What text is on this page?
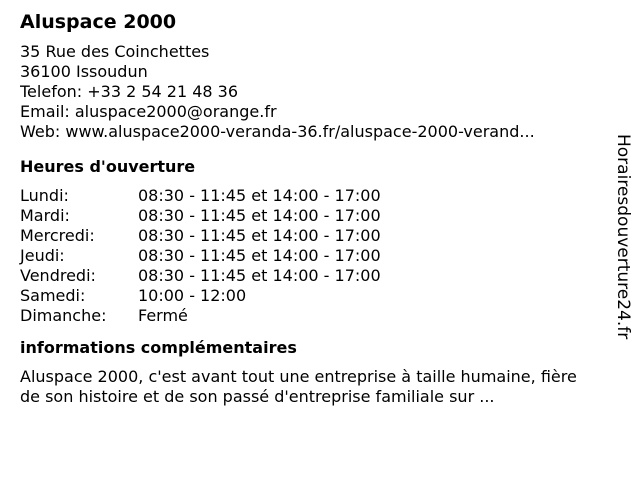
Aluspace 2000
35 Rue des Coinchettes
36100 Issoudun
Telefon: +33 2 54 21 48 36
Email: aluspace2000@orange.fr
Web: www.aluspace2000-veranda-36.fr/aluspace-2000-verand...
Heures d'ouverture
Lundi:	08:30 - 11:45 et 14:00 - 17:00
Mardi:	08:30 - 11:45 et 14:00 - 17:00
Mercredi:	08:30 - 11:45 et 14:00 - 17:00
Jeudi:	08:30 - 11:45 et 14:00 - 17:00
Vendredi:	08:30 - 11:45 et 14:00 - 17:00
Samedi:	10:00 - 12:00
Dimanche:	Fermé
informations complémentaires
Aluspace 2000, c'est avant tout une entreprise à taille humaine, fière de son histoire et de son passé d'entreprise familiale sur ...
Horairesdouverture24.fr
